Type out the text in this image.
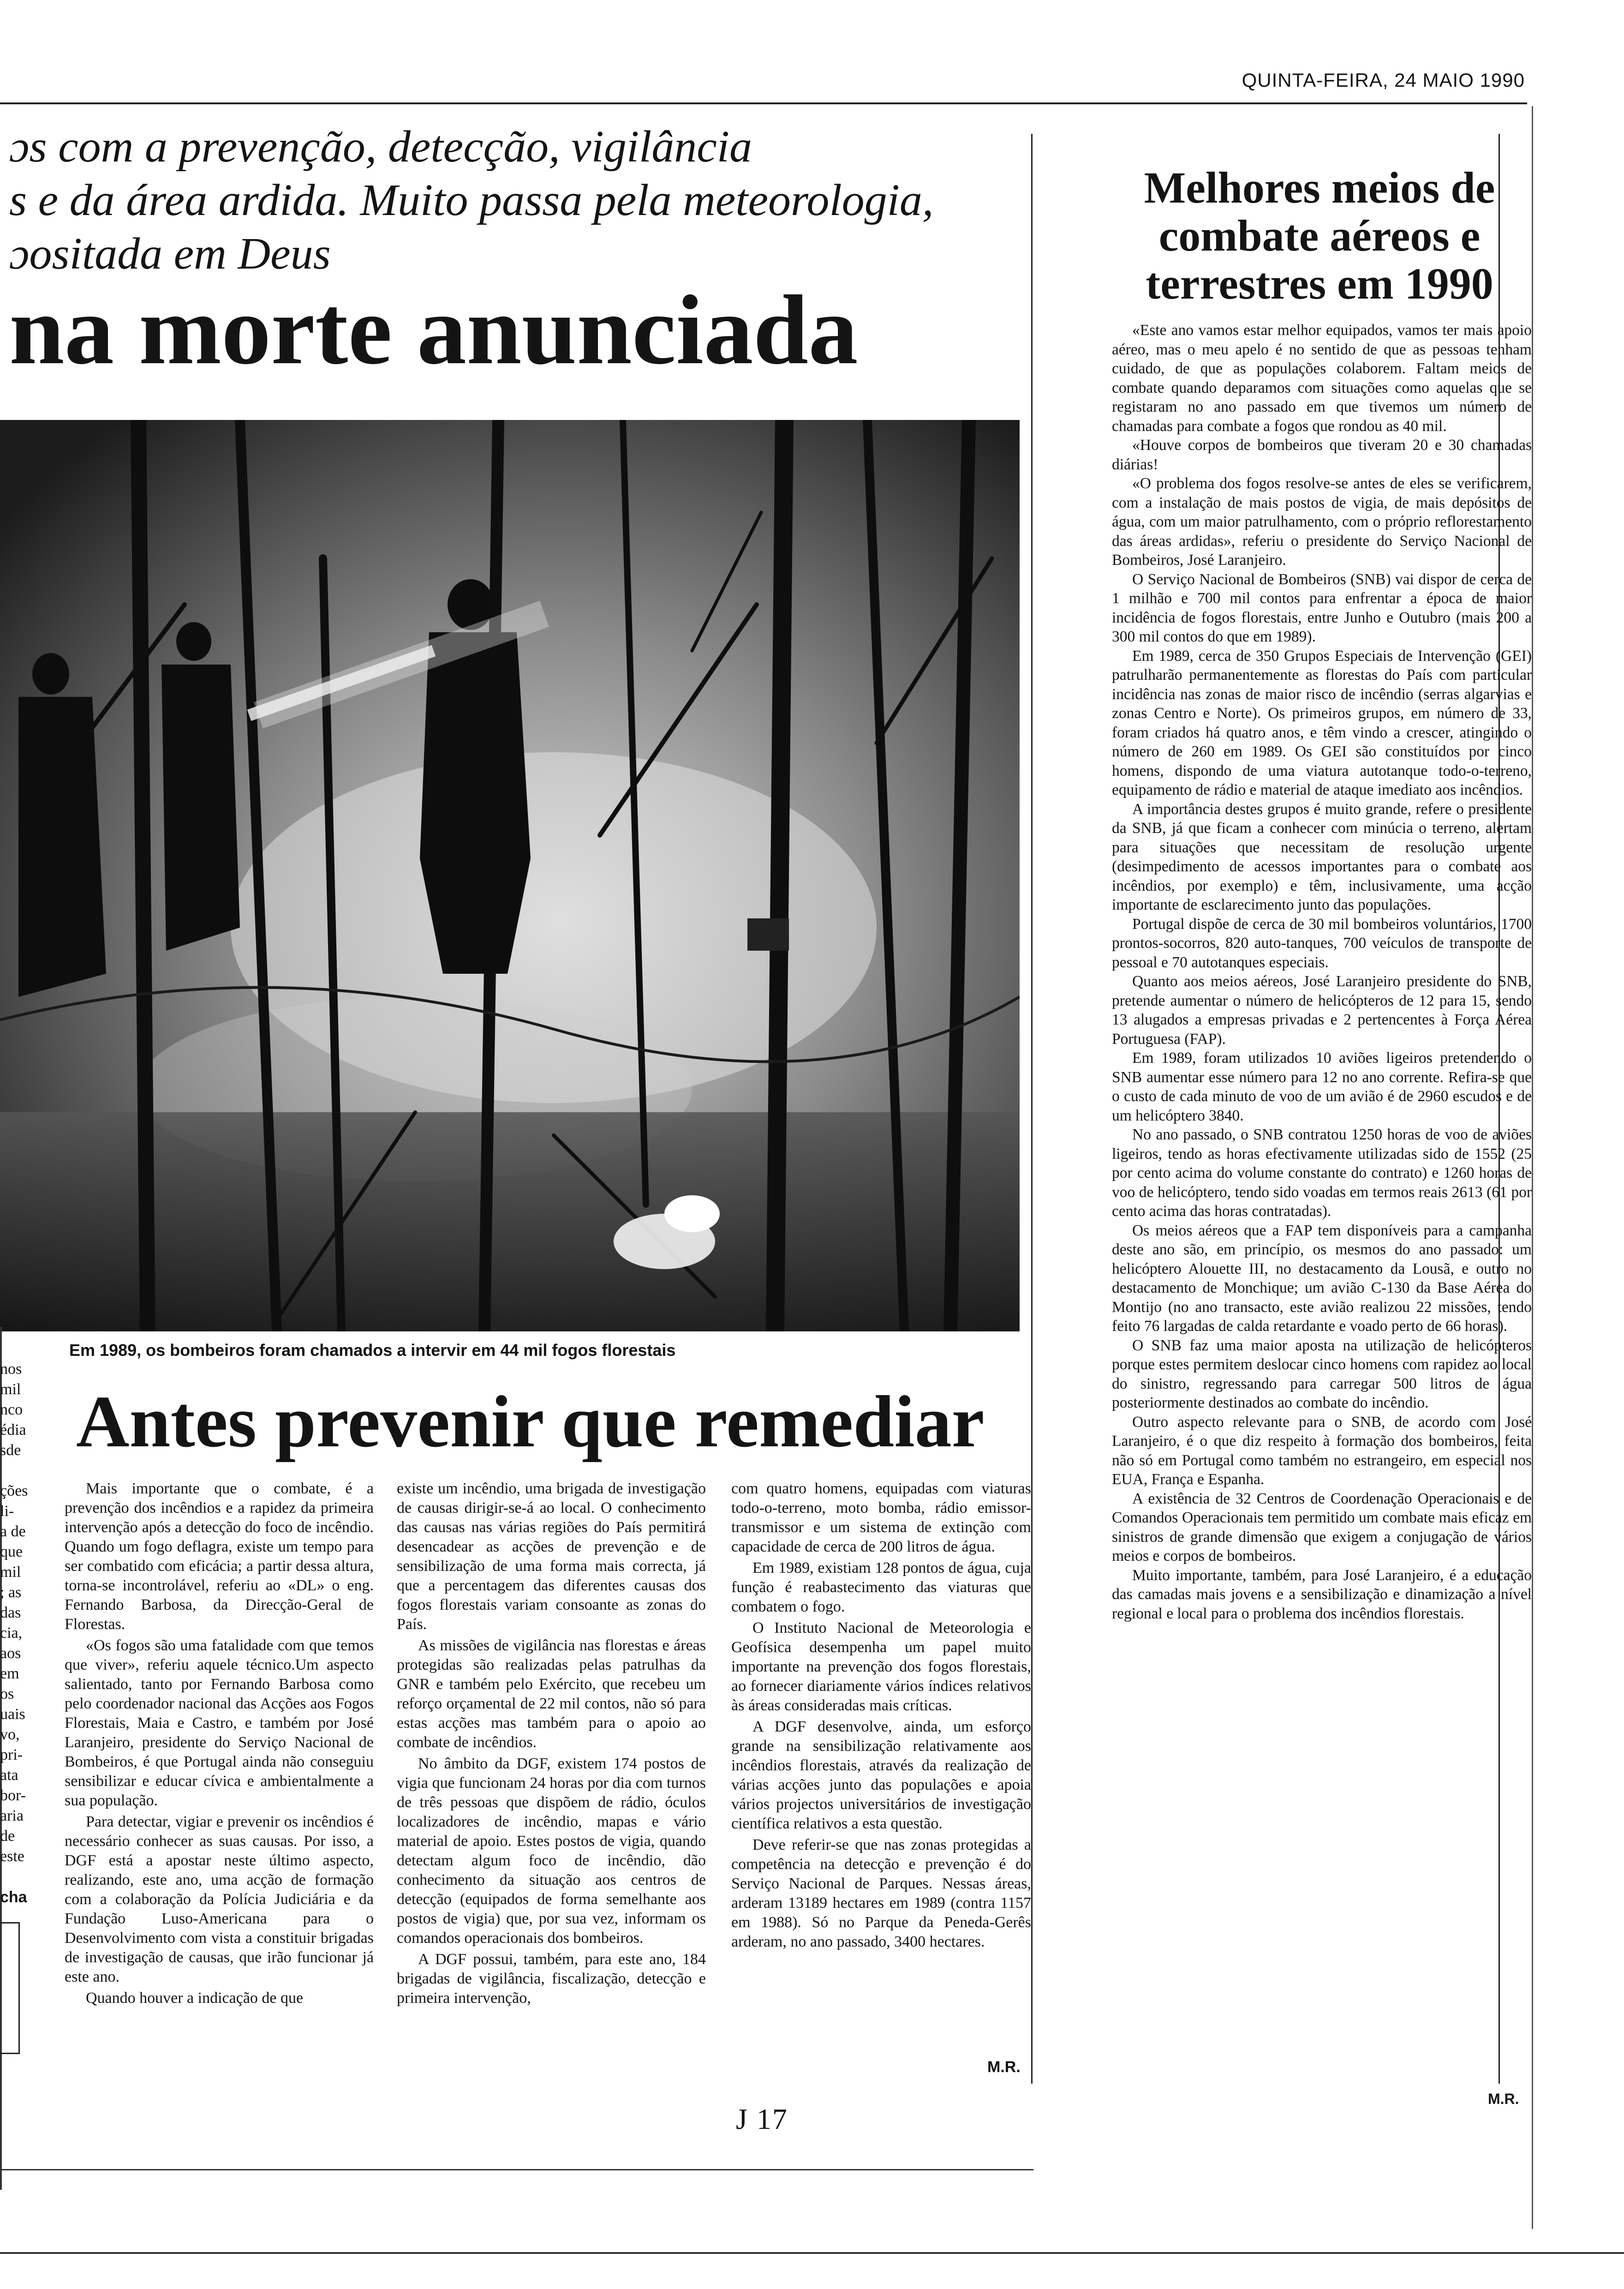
QUINTA-FEIRA, 24 MAIO 1990
ɔs com a prevenção, detecção, vigilância
s e da área ardida. Muito passa pela meteorologia,
ɔositada em Deus
na morte anunciada
Em 1989, os bombeiros foram chamados a intervir em 44 mil fogos florestais
nos
mil
nco
édia
sde

ções
li-
a de
que
mil
; as
das
cia,
aos
em
os
uais
vo,
pri-
ata
bor-
aria
de
este

cha
Antes prevenir que remediar

Mais importante que o combate, é a prevenção dos incêndios e a rapidez da primeira intervenção após a detecção do foco de incêndio. Quando um fogo deflagra, existe um tempo para ser combatido com eficácia; a partir dessa altura, torna-se incontrolável, referiu ao «DL» o eng. Fernando Barbosa, da Direcção-Geral de Florestas.

«Os fogos são uma fatalidade com que temos que viver», referiu aquele técnico.Um aspecto salientado, tanto por Fernando Barbosa como pelo coordenador nacional das Acções aos Fogos Florestais, Maia e Castro, e também por José Laranjeiro, presidente do Serviço Nacional de Bombeiros, é que Portugal ainda não conseguiu sensibilizar e educar cívica e ambientalmente a sua população.

Para detectar, vigiar e prevenir os incêndios é necessário conhecer as suas causas. Por isso, a DGF está a apostar neste último aspecto, realizando, este ano, uma acção de formação com a colaboração da Polícia Judiciária e da Fundação Luso-Americana para o Desenvolvimento com vista a constituir brigadas de investigação de causas, que irão funcionar já este ano.

Quando houver a indicação de que

existe um incêndio, uma brigada de investigação de causas dirigir-se-á ao local. O conhecimento das causas nas várias regiões do País permitirá desencadear as acções de prevenção e de sensibilização de uma forma mais correcta, já que a percentagem das diferentes causas dos fogos florestais variam consoante as zonas do País.

As missões de vigilância nas florestas e áreas protegidas são realizadas pelas patrulhas da GNR e também pelo Exército, que recebeu um reforço orçamental de 22 mil contos, não só para estas acções mas também para o apoio ao combate de incêndios.

No âmbito da DGF, existem 174 postos de vigia que funcionam 24 horas por dia com turnos de três pessoas que dispõem de rádio, óculos localizadores de incêndio, mapas e vário material de apoio. Estes postos de vigia, quando detectam algum foco de incêndio, dão conhecimento da situação aos centros de detecção (equipados de forma semelhante aos postos de vigia) que, por sua vez, informam os comandos operacionais dos bombeiros.

A DGF possui, também, para este ano, 184 brigadas de vigilância, fiscalização, detecção e primeira intervenção,

com quatro homens, equipadas com viaturas todo-o-terreno, moto bomba, rádio emissor-transmissor e um sistema de extinção com capacidade de cerca de 200 litros de água.

Em 1989, existiam 128 pontos de água, cuja função é reabastecimento das viaturas que combatem o fogo.

O Instituto Nacional de Meteorologia e Geofísica desempenha um papel muito importante na prevenção dos fogos florestais, ao fornecer diariamente vários índices relativos às áreas consideradas mais críticas.

A DGF desenvolve, ainda, um esforço grande na sensibilização relativamente aos incêndios florestais, através da realização de várias acções junto das populações e apoia vários projectos universitários de investigação científica relativos a esta questão.

Deve referir-se que nas zonas protegidas a competência na detecção e prevenção é do Serviço Nacional de Parques. Nessas áreas, arderam 13189 hectares em 1989 (contra 1157 em 1988). Só no Parque da Peneda-Gerês arderam, no ano passado, 3400 hectares.

M.R.
Melhores meios de combate aéreos e terrestres em 1990

«Este ano vamos estar melhor equipados, vamos ter mais apoio aéreo, mas o meu apelo é no sentido de que as pessoas tenham cuidado, de que as populações colaborem. Faltam meios de combate quando deparamos com situações como aquelas que se registaram no ano passado em que tivemos um número de chamadas para combate a fogos que rondou as 40 mil.

«Houve corpos de bombeiros que tiveram 20 e 30 chamadas diárias!

«O problema dos fogos resolve-se antes de eles se verificarem, com a instalação de mais postos de vigia, de mais depósitos de água, com um maior patrulhamento, com o próprio reflorestamento das áreas ardidas», referiu o presidente do Serviço Nacional de Bombeiros, José Laranjeiro.

O Serviço Nacional de Bombeiros (SNB) vai dispor de cerca de 1 milhão e 700 mil contos para enfrentar a época de maior incidência de fogos florestais, entre Junho e Outubro (mais 200 a 300 mil contos do que em 1989).

Em 1989, cerca de 350 Grupos Especiais de Intervenção (GEI) patrulharão permanentemente as florestas do País com particular incidência nas zonas de maior risco de incêndio (serras algarvias e zonas Centro e Norte). Os primeiros grupos, em número de 33, foram criados há quatro anos, e têm vindo a crescer, atingindo o número de 260 em 1989. Os GEI são constituídos por cinco homens, dispondo de uma viatura autotanque todo-o-terreno, equipamento de rádio e material de ataque imediato aos incêndios.

A importância destes grupos é muito grande, refere o presidente da SNB, já que ficam a conhecer com minúcia o terreno, alertam para situações que necessitam de resolução urgente (desimpedimento de acessos importantes para o combate aos incêndios, por exemplo) e têm, inclusivamente, uma acção importante de esclarecimento junto das populações.

Portugal dispõe de cerca de 30 mil bombeiros voluntários, 1700 prontos-socorros, 820 auto-tanques, 700 veículos de transporte de pessoal e 70 autotanques especiais.

Quanto aos meios aéreos, José Laranjeiro presidente do SNB, pretende aumentar o número de helicópteros de 12 para 15, sendo 13 alugados a empresas privadas e 2 pertencentes à Força Aérea Portuguesa (FAP).

Em 1989, foram utilizados 10 aviões ligeiros pretendendo o SNB aumentar esse número para 12 no ano corrente. Refira-se que o custo de cada minuto de voo de um avião é de 2960 escudos e de um helicóptero 3840.

No ano passado, o SNB contratou 1250 horas de voo de aviões ligeiros, tendo as horas efectivamente utilizadas sido de 1552 (25 por cento acima do volume constante do contrato) e 1260 horas de voo de helicóptero, tendo sido voadas em termos reais 2613 (61 por cento acima das horas contratadas).

Os meios aéreos que a FAP tem disponíveis para a campanha deste ano são, em princípio, os mesmos do ano passado: um helicóptero Alouette III, no destacamento da Lousã, e outro no destacamento de Monchique; um avião C-130 da Base Aérea do Montijo (no ano transacto, este avião realizou 22 missões, tendo feito 76 largadas de calda retardante e voado perto de 66 horas).

O SNB faz uma maior aposta na utilização de helicópteros porque estes permitem deslocar cinco homens com rapidez ao local do sinistro, regressando para carregar 500 litros de água posteriormente destinados ao combate do incêndio.

Outro aspecto relevante para o SNB, de acordo com José Laranjeiro, é o que diz respeito à formação dos bombeiros, feita não só em Portugal como também no estrangeiro, em especial nos EUA, França e Espanha.

A existência de 32 Centros de Coordenação Operacionais e de Comandos Operacionais tem permitido um combate mais eficaz em sinistros de grande dimensão que exigem a conjugação de vários meios e corpos de bombeiros.

Muito importante, também, para José Laranjeiro, é a educação das camadas mais jovens e a sensibilização e dinamização a nível regional e local para o problema dos incêndios florestais.

M.R.
J 17
